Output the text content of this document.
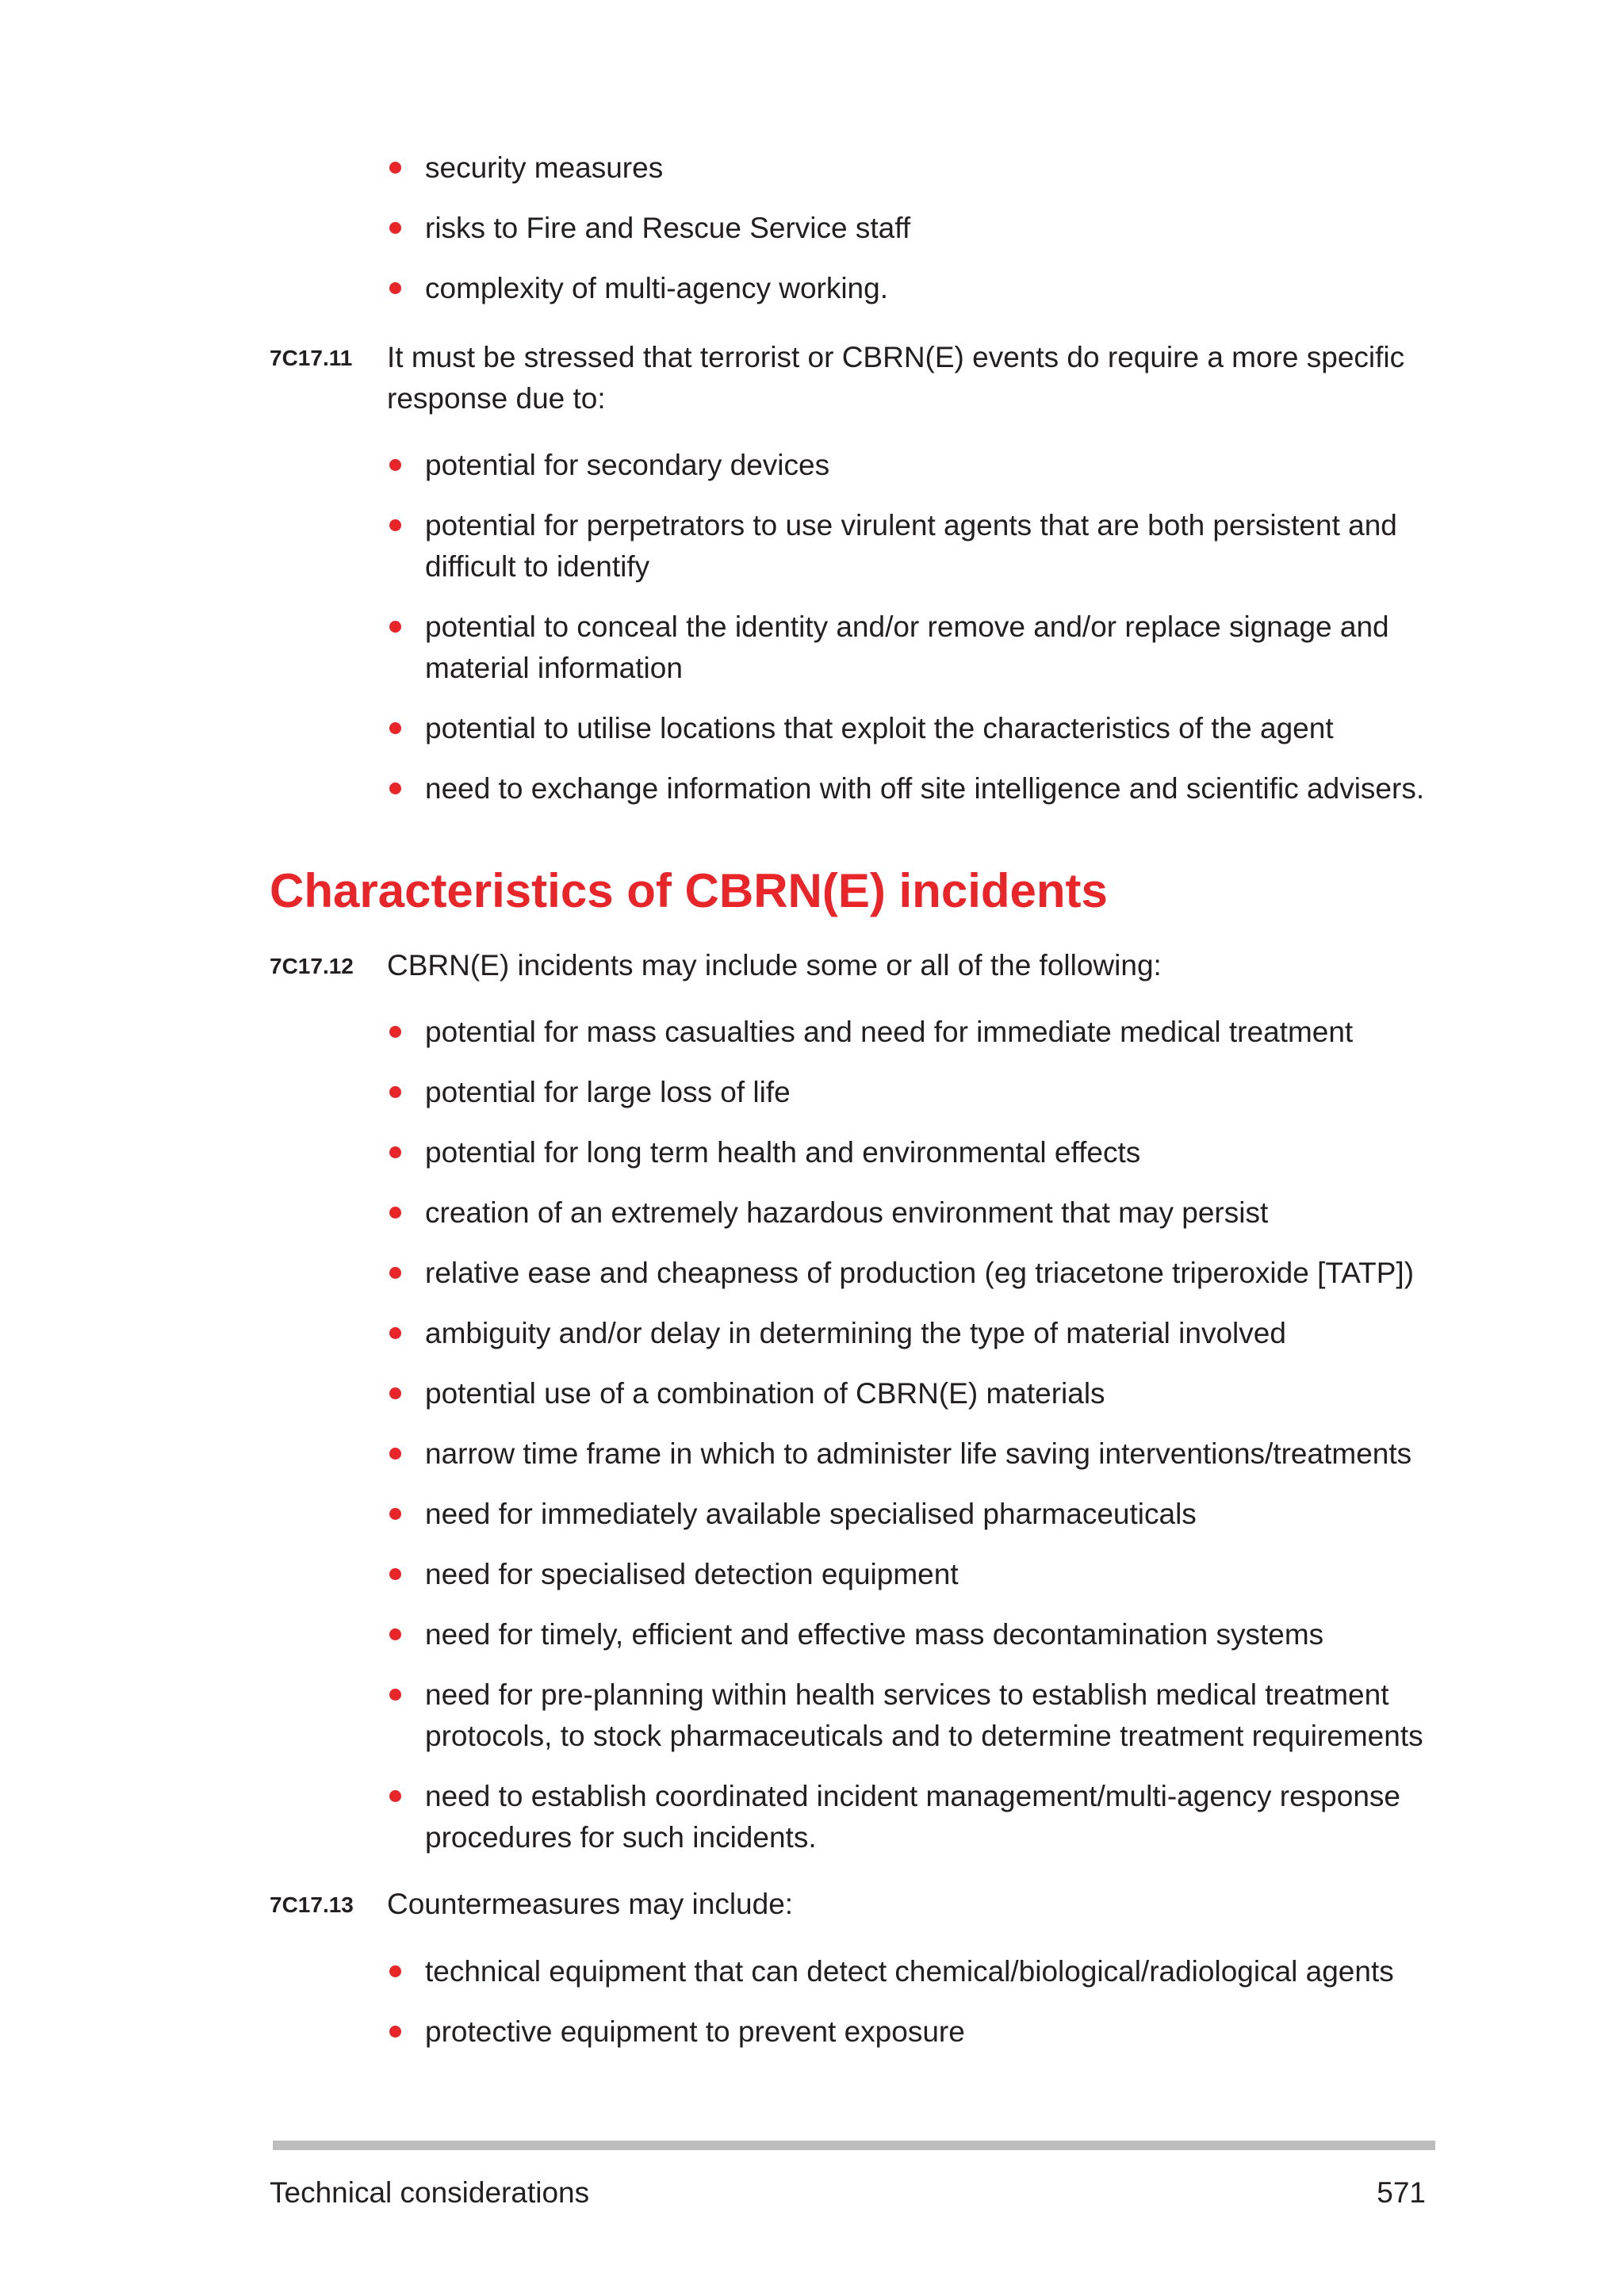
security measures
risks to Fire and Rescue Service staff
complexity of multi-agency working.
7C17.11 It must be stressed that terrorist or CBRN(E) events do require a more specific response due to:
potential for secondary devices
potential for perpetrators to use virulent agents that are both persistent and difficult to identify
potential to conceal the identity and/or remove and/or replace signage and material information
potential to utilise locations that exploit the characteristics of the agent
need to exchange information with off site intelligence and scientific advisers.
Characteristics of CBRN(E) incidents
7C17.12 CBRN(E) incidents may include some or all of the following:
potential for mass casualties and need for immediate medical treatment
potential for large loss of life
potential for long term health and environmental effects
creation of an extremely hazardous environment that may persist
relative ease and cheapness of production (eg triacetone triperoxide [TATP])
ambiguity and/or delay in determining the type of material involved
potential use of a combination of CBRN(E) materials
narrow time frame in which to administer life saving interventions/treatments
need for immediately available specialised pharmaceuticals
need for specialised detection equipment
need for timely, efficient and effective mass decontamination systems
need for pre-planning within health services to establish medical treatment protocols, to stock pharmaceuticals and to determine treatment requirements
need to establish coordinated incident management/multi-agency response procedures for such incidents.
7C17.13 Countermeasures may include:
technical equipment that can detect chemical/biological/radiological agents
protective equipment to prevent exposure
Technical considerations	571
